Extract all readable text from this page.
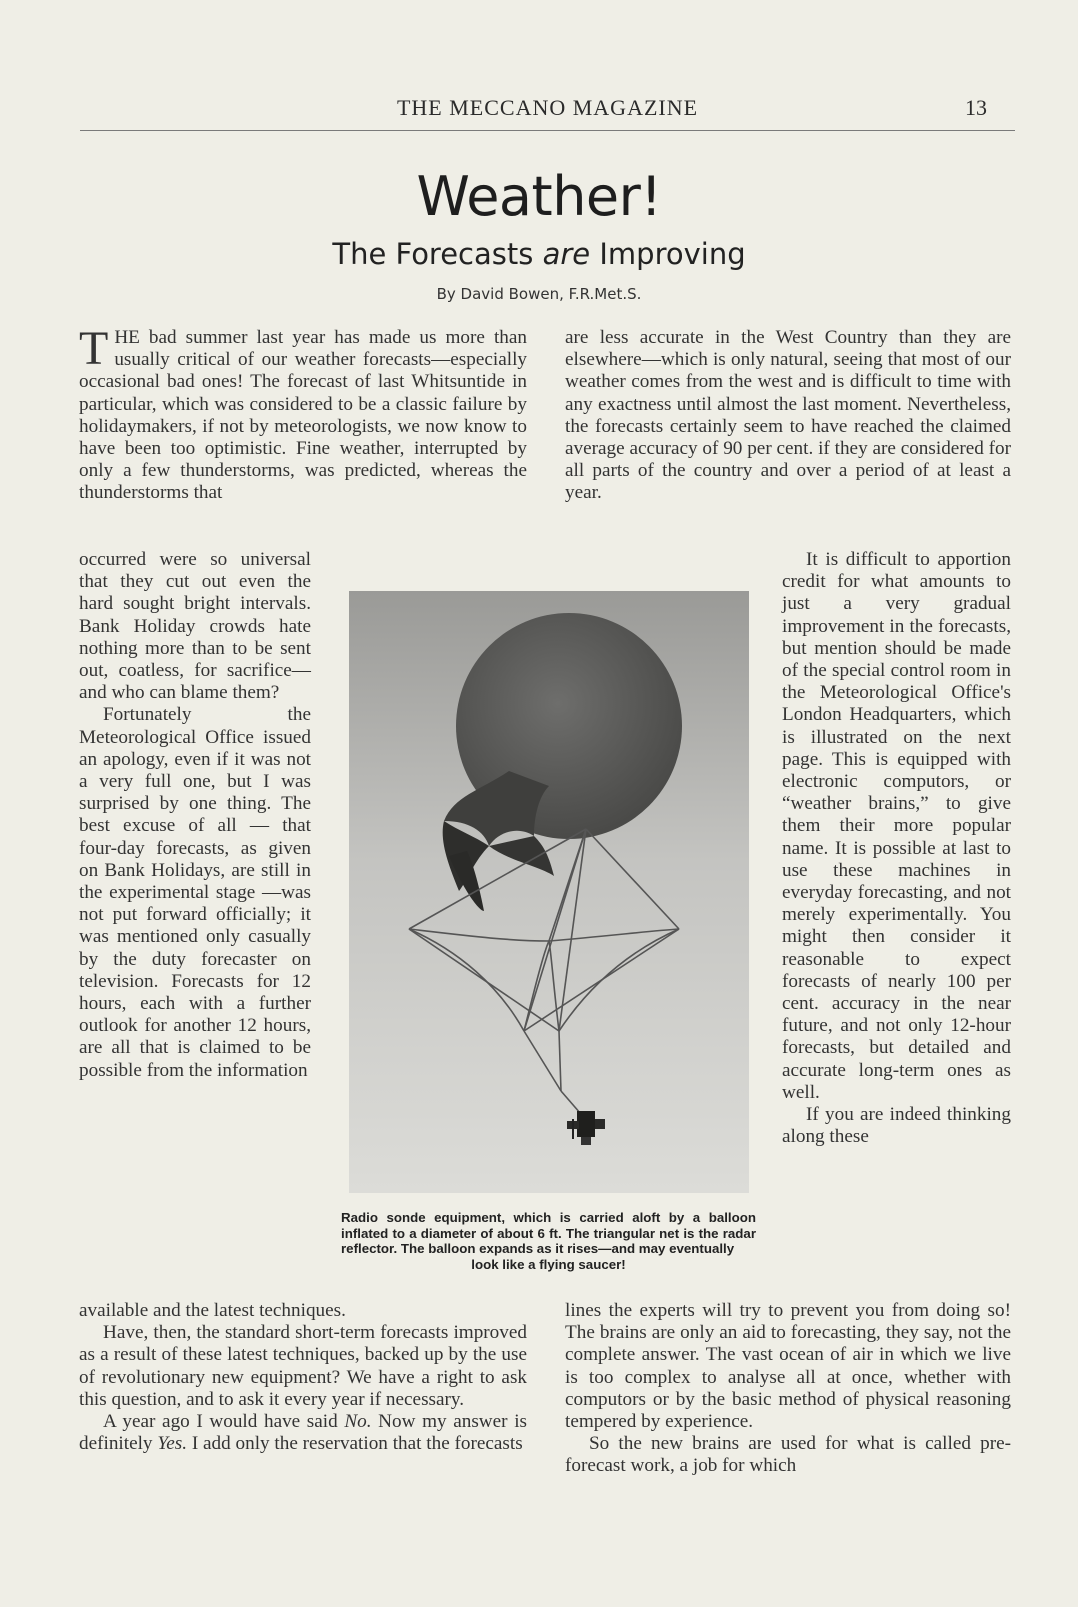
THE MECCANO MAGAZINE	13
Weather!
The Forecasts are Improving
By David Bowen, F.R.Met.S.

THE bad summer last year has made us more than usually critical of our weather forecasts—especially occasional bad ones! The forecast of last Whitsuntide in particular, which was considered to be a classic failure by holidaymakers, if not by meteorologists, we now know to have been too optimistic. Fine weather, interrupted by only a few thunderstorms, was predicted, whereas the thunderstorms that

are less accurate in the West Country than they are elsewhere—which is only natural, seeing that most of our weather comes from the west and is difficult to time with any exactness until almost the last moment. Nevertheless, the forecasts certainly seem to have reached the claimed average accuracy of 90 per cent. if they are considered for all parts of the country and over a period of at least a year.

occurred were so universal that they cut out even the hard sought bright intervals. Bank Holiday crowds hate nothing more than to be sent out, coatless, for sacrifice—and who can blame them?

Fortunately the Meteorological Office issued an apology, even if it was not a very full one, but I was surprised by one thing. The best excuse of all — that four-day forecasts, as given on Bank Holidays, are still in the experimental stage —was not put forward officially; it was mentioned only casually by the duty forecaster on television. Forecasts for 12 hours, each with a further outlook for another 12 hours, are all that is claimed to be possible from the information

It is difficult to apportion credit for what amounts to just a very gradual improvement in the forecasts, but mention should be made of the special control room in the Meteorological Office's London Headquarters, which is illustrated on the next page. This is equipped with electronic computors, or “weather brains,” to give them their more popular name. It is possible at last to use these machines in everyday forecasting, and not merely experimentally. You might then consider it reasonable to expect forecasts of nearly 100 per cent. accuracy in the near future, and not only 12-hour forecasts, but detailed and accurate long-term ones as well.

If you are indeed thinking along these

Radio sonde equipment, which is carried aloft by a balloon inflated to a diameter of about 6 ft. The triangular net is the radar reflector. The balloon expands as it rises—and may eventually
look like a flying saucer!

available and the latest techniques.

Have, then, the standard short-term forecasts improved as a result of these latest techniques, backed up by the use of revolutionary new equipment? We have a right to ask this question, and to ask it every year if necessary.

A year ago I would have said No. Now my answer is definitely Yes. I add only the reservation that the forecasts

lines the experts will try to prevent you from doing so! The brains are only an aid to forecasting, they say, not the complete answer. The vast ocean of air in which we live is too complex to analyse all at once, whether with computors or by the basic method of physical reasoning tempered by experience.

So the new brains are used for what is called pre-forecast work, a job for which
